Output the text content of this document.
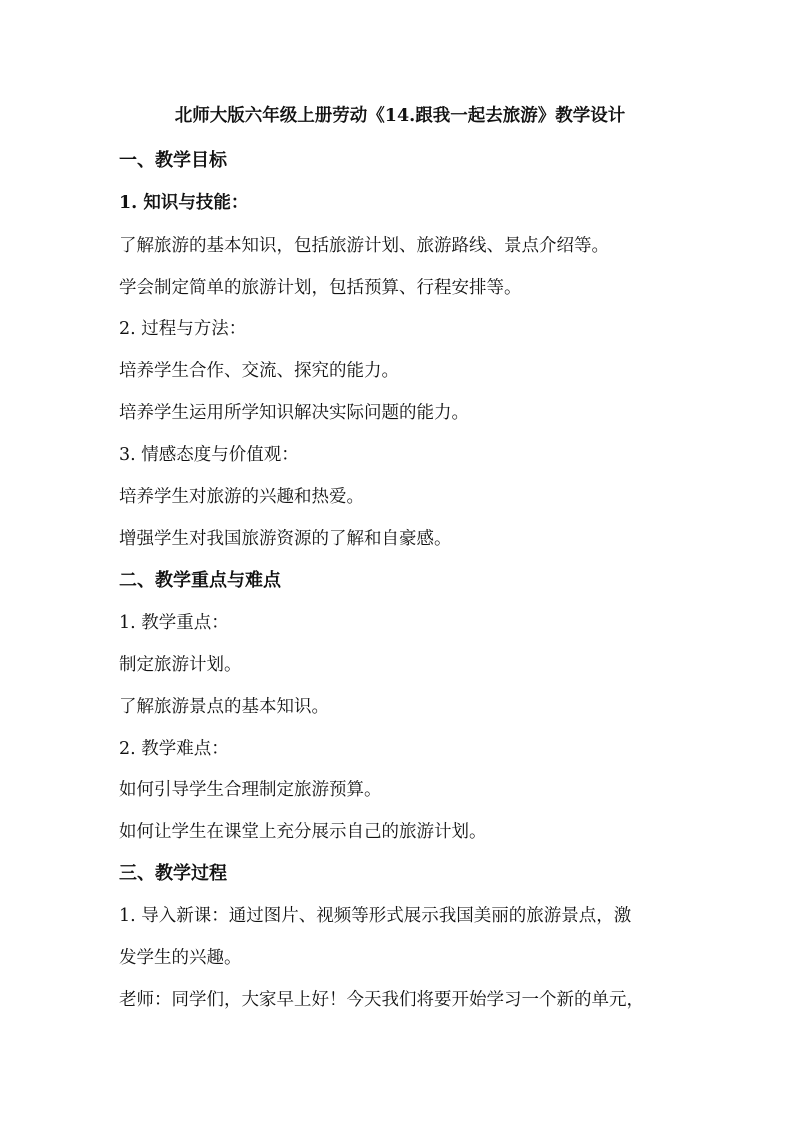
北师大版六年级上册劳动《14.跟我一起去旅游》教学设计
一、教学目标
1. 知识与技能：
了解旅游的基本知识，包括旅游计划、旅游路线、景点介绍等。
学会制定简单的旅游计划，包括预算、行程安排等。
2. 过程与方法：
培养学生合作、交流、探究的能力。
培养学生运用所学知识解决实际问题的能力。
3. 情感态度与价值观：
培养学生对旅游的兴趣和热爱。
增强学生对我国旅游资源的了解和自豪感。
二、教学重点与难点
1. 教学重点：
制定旅游计划。
了解旅游景点的基本知识。
2. 教学难点：
如何引导学生合理制定旅游预算。
如何让学生在课堂上充分展示自己的旅游计划。
三、教学过程
1. 导入新课：通过图片、视频等形式展示我国美丽的旅游景点，激
发学生的兴趣。
老师：同学们，大家早上好！今天我们将要开始学习一个新的单元，
